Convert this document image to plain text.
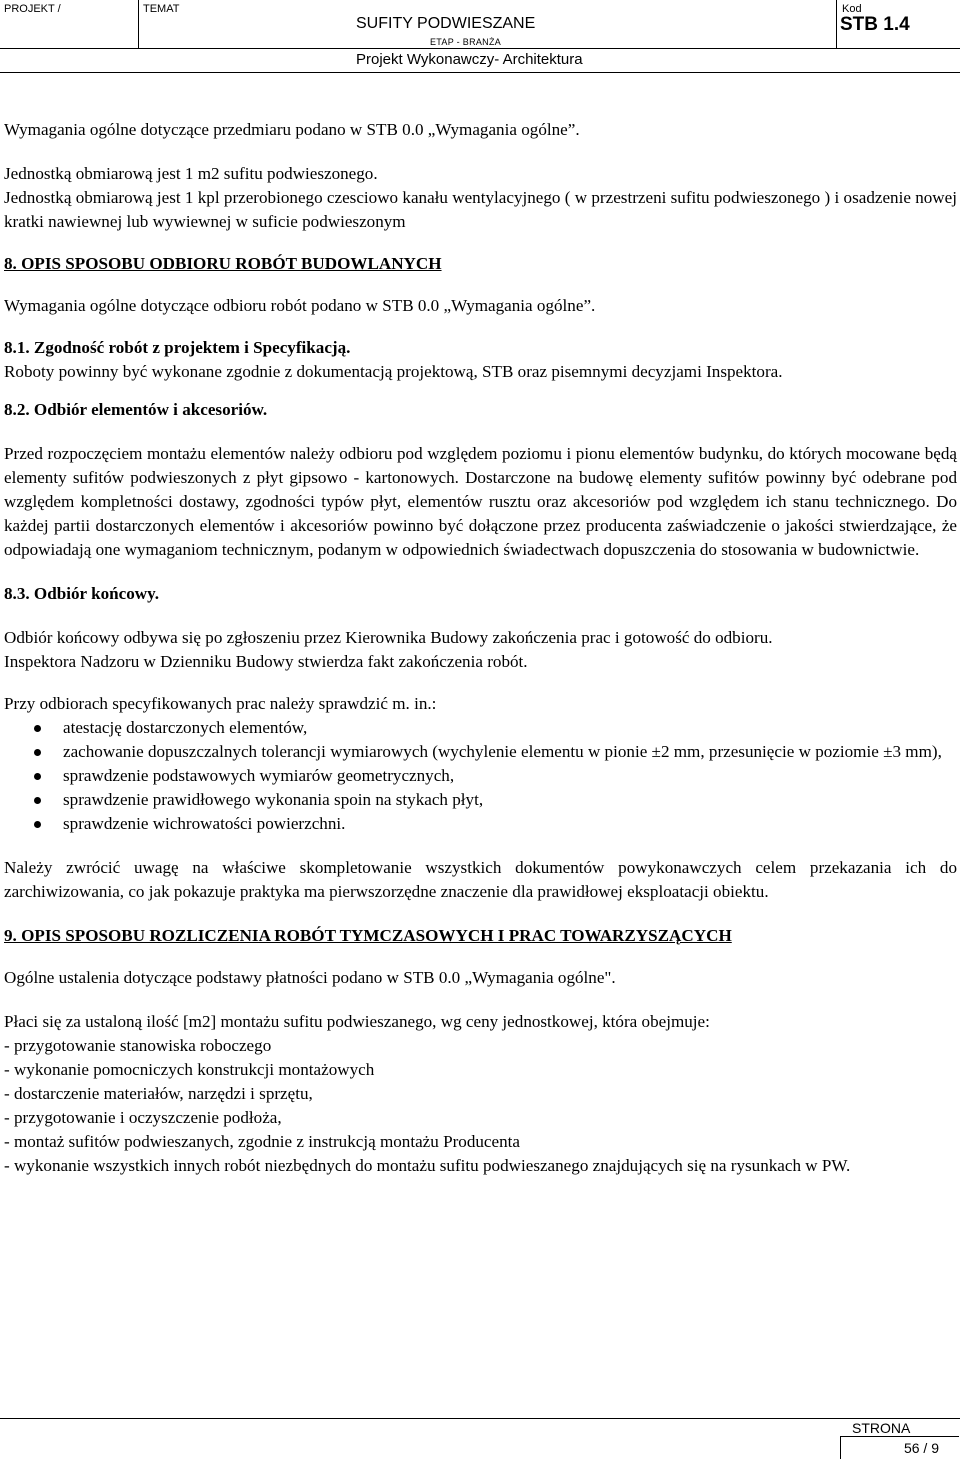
PROJEKT /	TEMAT	Kod
SUFITY PODWIESZANE
ETAP - BRANŻA
STB 1.4
Projekt Wykonawczy- Architektura

Wymagania ogólne dotyczące przedmiaru podano w STB 0.0 „Wymagania ogólne”.

Jednostką obmiarową jest 1 m2 sufitu podwieszonego.

Jednostką obmiarową jest 1 kpl przerobionego czesciowo kanału wentylacyjnego ( w przestrzeni sufitu podwieszonego ) i osadzenie nowej kratki nawiewnej lub wywiewnej w suficie podwieszonym

8. OPIS SPOSOBU ODBIORU ROBÓT BUDOWLANYCH

Wymagania ogólne dotyczące odbioru robót podano w STB 0.0 „Wymagania ogólne”.

8.1. Zgodność robót z projektem i Specyfikacją.

Roboty powinny być wykonane zgodnie z dokumentacją projektową, STB oraz pisemnymi decyzjami Inspektora.

8.2. Odbiór elementów i akcesoriów.

Przed rozpoczęciem montażu elementów należy odbioru pod względem poziomu i pionu elementów budynku, do których mocowane będą elementy sufitów podwieszonych z płyt gipsowo - kartonowych. Dostarczone na budowę elementy sufitów powinny być odebrane pod względem kompletności dostawy, zgodności typów płyt, elementów rusztu oraz akcesoriów pod względem ich stanu technicznego. Do każdej partii dostarczonych elementów i akcesoriów powinno być dołączone przez producenta zaświadczenie o jakości stwierdzające, że odpowiadają one wymaganiom technicznym, podanym w odpowiednich świadectwach dopuszczenia do stosowania w budownictwie.

8.3. Odbiór końcowy.

Odbiór końcowy odbywa się po zgłoszeniu przez Kierownika Budowy zakończenia prac i gotowość do odbioru.

Inspektora Nadzoru w Dzienniku Budowy stwierdza fakt zakończenia robót.

Przy odbiorach specyfikowanych prac należy sprawdzić m. in.:

atestację dostarczonych elementów,
zachowanie dopuszczalnych tolerancji wymiarowych (wychylenie elementu w pionie ±2 mm, przesunięcie w poziomie ±3 mm),
sprawdzenie podstawowych wymiarów geometrycznych,
sprawdzenie prawidłowego wykonania spoin na stykach płyt,
sprawdzenie wichrowatości powierzchni.

Należy zwrócić uwagę na właściwe skompletowanie wszystkich dokumentów powykonawczych celem przekazania ich do zarchiwizowania, co jak pokazuje praktyka ma pierwszorzędne znaczenie dla prawidłowej eksploatacji obiektu.

9. OPIS SPOSOBU ROZLICZENIA ROBÓT TYMCZASOWYCH I PRAC TOWARZYSZĄCYCH

Ogólne ustalenia dotyczące podstawy płatności podano w STB 0.0 „Wymagania ogólne".

Płaci się za ustaloną ilość [m2] montażu sufitu podwieszanego, wg ceny jednostkowej, która obejmuje:

- przygotowanie stanowiska roboczego

- wykonanie pomocniczych konstrukcji montażowych

- dostarczenie materiałów, narzędzi i sprzętu,

- przygotowanie i oczyszczenie podłoża,

- montaż sufitów podwieszanych, zgodnie z instrukcją montażu Producenta

- wykonanie wszystkich innych robót niezbędnych do montażu sufitu podwieszanego znajdujących się na rysunkach w PW.

STRONA
56 / 9
